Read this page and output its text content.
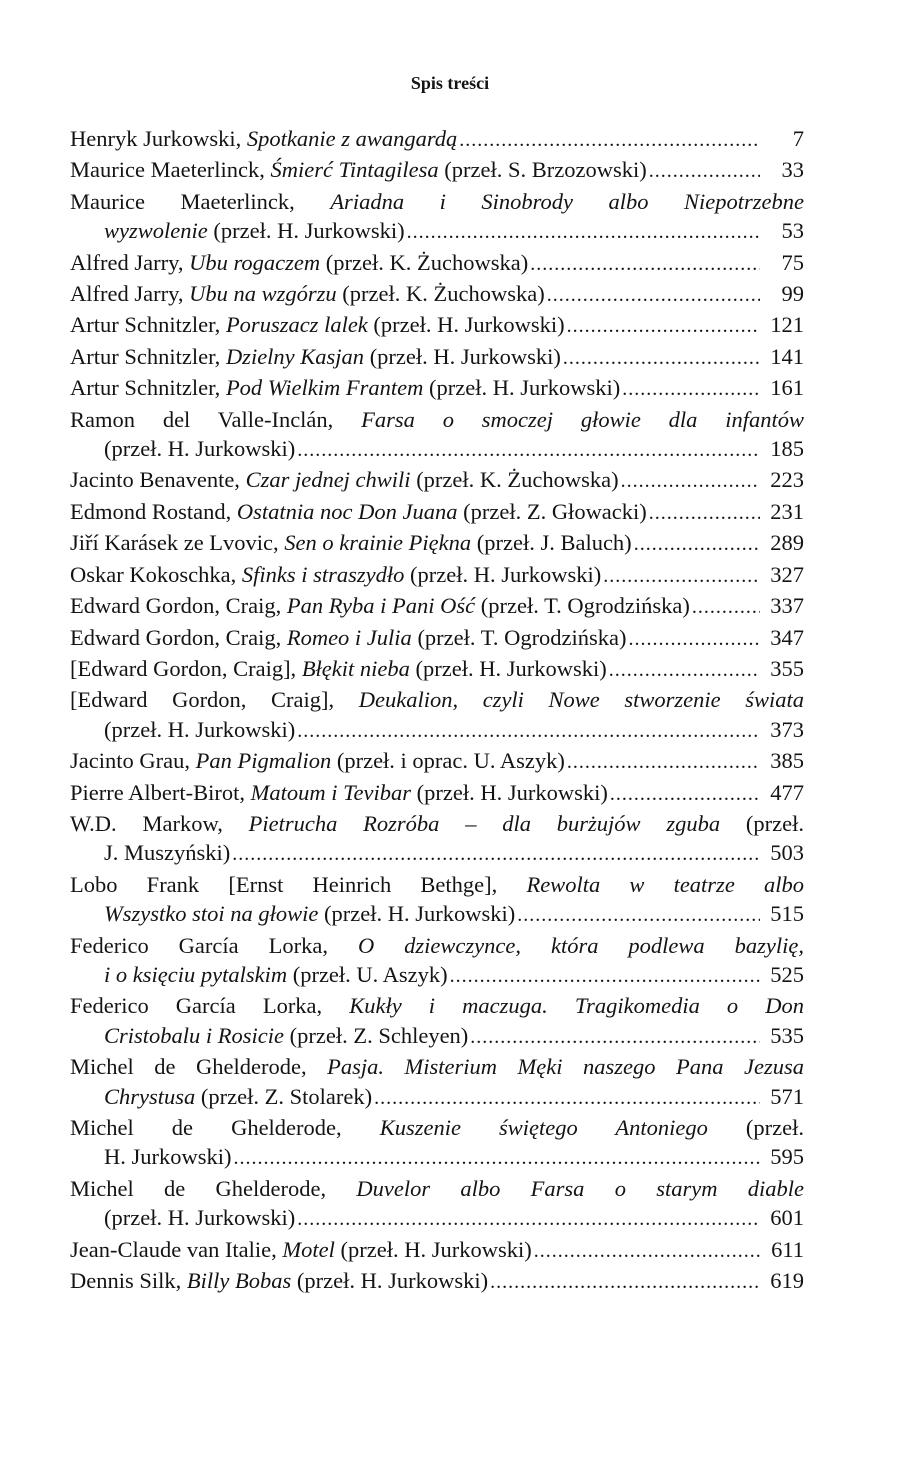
Spis treści
Henryk Jurkowski, Spotkanie z awangardą .....	7
Maurice Maeterlinck, Śmierć Tintagilesa (przeł. S. Brzozowski) .....	33
Maurice Maeterlinck, Ariadna i Sinobrody albo Niepotrzebne
wyzwolenie (przeł. H. Jurkowski) .....	53
Alfred Jarry, Ubu rogaczem (przeł. K. Żuchowska) .....	75
Alfred Jarry, Ubu na wzgórzu (przeł. K. Żuchowska) .....	99
Artur Schnitzler, Poruszacz lalek (przeł. H. Jurkowski) .....	121
Artur Schnitzler, Dzielny Kasjan (przeł. H. Jurkowski) .....	141
Artur Schnitzler, Pod Wielkim Frantem (przeł. H. Jurkowski) .....	161
Ramon del Valle-Inclán, Farsa o smoczej głowie dla infantów
(przeł. H. Jurkowski) .....	185
Jacinto Benavente, Czar jednej chwili (przeł. K. Żuchowska) .....	223
Edmond Rostand, Ostatnia noc Don Juana (przeł. Z. Głowacki) .....	231
Jiří Karásek ze Lvovic, Sen o krainie Piękna (przeł. J. Baluch) .....	289
Oskar Kokoschka, Sfinks i straszydło (przeł. H. Jurkowski) .....	327
Edward Gordon, Craig, Pan Ryba i Pani Ość (przeł. T. Ogrodzińska) .....	337
Edward Gordon, Craig, Romeo i Julia (przeł. T. Ogrodzińska) .....	347
[Edward Gordon, Craig], Błękit nieba (przeł. H. Jurkowski) .....	355
[Edward Gordon, Craig], Deukalion, czyli Nowe stworzenie świata
(przeł. H. Jurkowski) .....	373
Jacinto Grau, Pan Pigmalion (przeł. i oprac. U. Aszyk) .....	385
Pierre Albert-Birot, Matoum i Tevibar (przeł. H. Jurkowski) .....	477
W.D. Markow, Pietrucha Rozróba – dla burżujów zguba (przeł.
J. Muszyński) .....	503
Lobo Frank [Ernst Heinrich Bethge], Rewolta w teatrze albo
Wszystko stoi na głowie (przeł. H. Jurkowski) .....	515
Federico García Lorka, O dziewczynce, która podlewa bazylię,
i o księciu pytalskim (przeł. U. Aszyk) .....	525
Federico García Lorka, Kukły i maczuga. Tragikomedia o Don
Cristobalu i Rosicie (przeł. Z. Schleyen) .....	535
Michel de Ghelderode, Pasja. Misterium Męki naszego Pana Jezusa
Chrystusa (przeł. Z. Stolarek) .....	571
Michel de Ghelderode, Kuszenie świętego Antoniego (przeł.
H. Jurkowski) .....	595
Michel de Ghelderode, Duvelor albo Farsa o starym diable
(przeł. H. Jurkowski) .....	601
Jean-Claude van Italie, Motel (przeł. H. Jurkowski) .....	611
Dennis Silk, Billy Bobas (przeł. H. Jurkowski) .....	619
